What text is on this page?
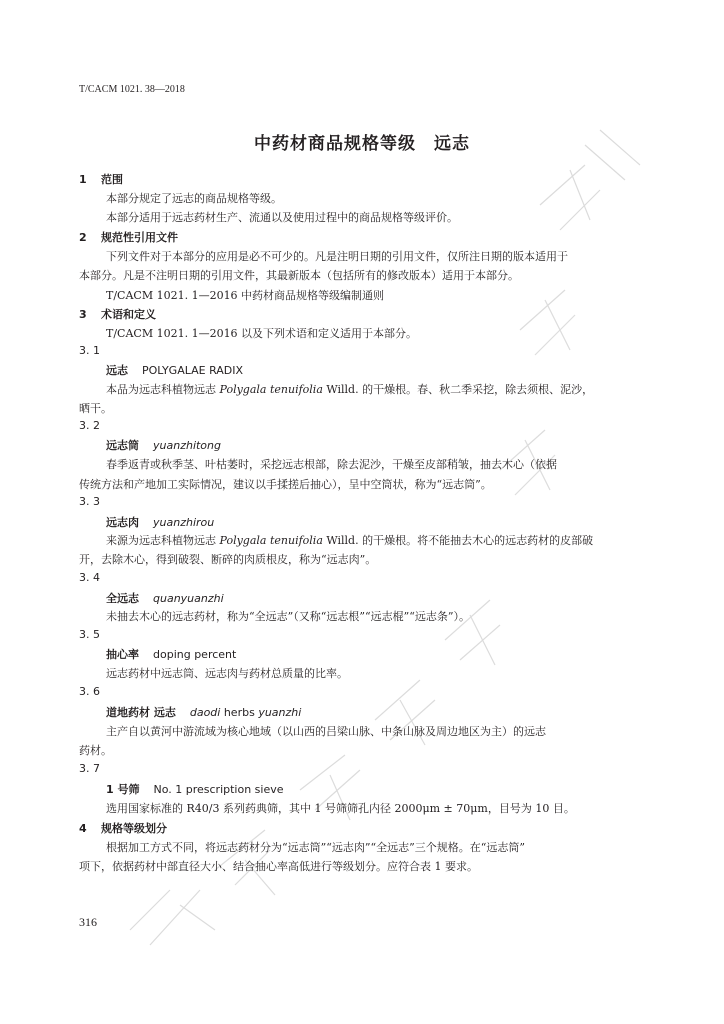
T/CACM 1021. 38—2018
中药材商品规格等级　远志
1 范围
本部分规定了远志的商品规格等级。
本部分适用于远志药材生产、流通以及使用过程中的商品规格等级评价。
2 规范性引用文件
下列文件对于本部分的应用是必不可少的。凡是注明日期的引用文件，仅所注日期的版本适用于
本部分。凡是不注明日期的引用文件，其最新版本（包括所有的修改版本）适用于本部分。
T/CACM 1021. 1—2016 中药材商品规格等级编制通则
3 术语和定义
T/CACM 1021. 1—2016 以及下列术语和定义适用于本部分。
3. 1
远志 POLYGALAE RADIX
本品为远志科植物远志 Polygala tenuifolia Willd. 的干燥根。春、秋二季采挖，除去须根、泥沙，
晒干。
3. 2
远志筒 yuanzhitong
春季返青或秋季茎、叶枯萎时，采挖远志根部，除去泥沙，干燥至皮部稍皱，抽去木心（依据
传统方法和产地加工实际情况，建议以手揉搓后抽心），呈中空筒状，称为“远志筒”。
3. 3
远志肉 yuanzhirou
来源为远志科植物远志 Polygala tenuifolia Willd. 的干燥根。将不能抽去木心的远志药材的皮部破
开，去除木心，得到破裂、断碎的肉质根皮，称为“远志肉”。
3. 4
全远志 quanyuanzhi
未抽去木心的远志药材，称为“全远志”（又称“远志根”“远志棍”“远志条”）。
3. 5
抽心率 doping percent
远志药材中远志筒、远志肉与药材总质量的比率。
3. 6
道地药材 远志 daodi herbs yuanzhi
主产自以黄河中游流域为核心地域（以山西的吕梁山脉、中条山脉及周边地区为主）的远志
药材。
3. 7
1 号筛 No. 1 prescription sieve
选用国家标准的 R40/3 系列药典筛，其中 1 号筛筛孔内径 2000μm ± 70μm，目号为 10 目。
4 规格等级划分
根据加工方式不同，将远志药材分为“远志筒”“远志肉”“全远志”三个规格。在“远志筒”
项下，依据药材中部直径大小、结合抽心率高低进行等级划分。应符合表 1 要求。
316
